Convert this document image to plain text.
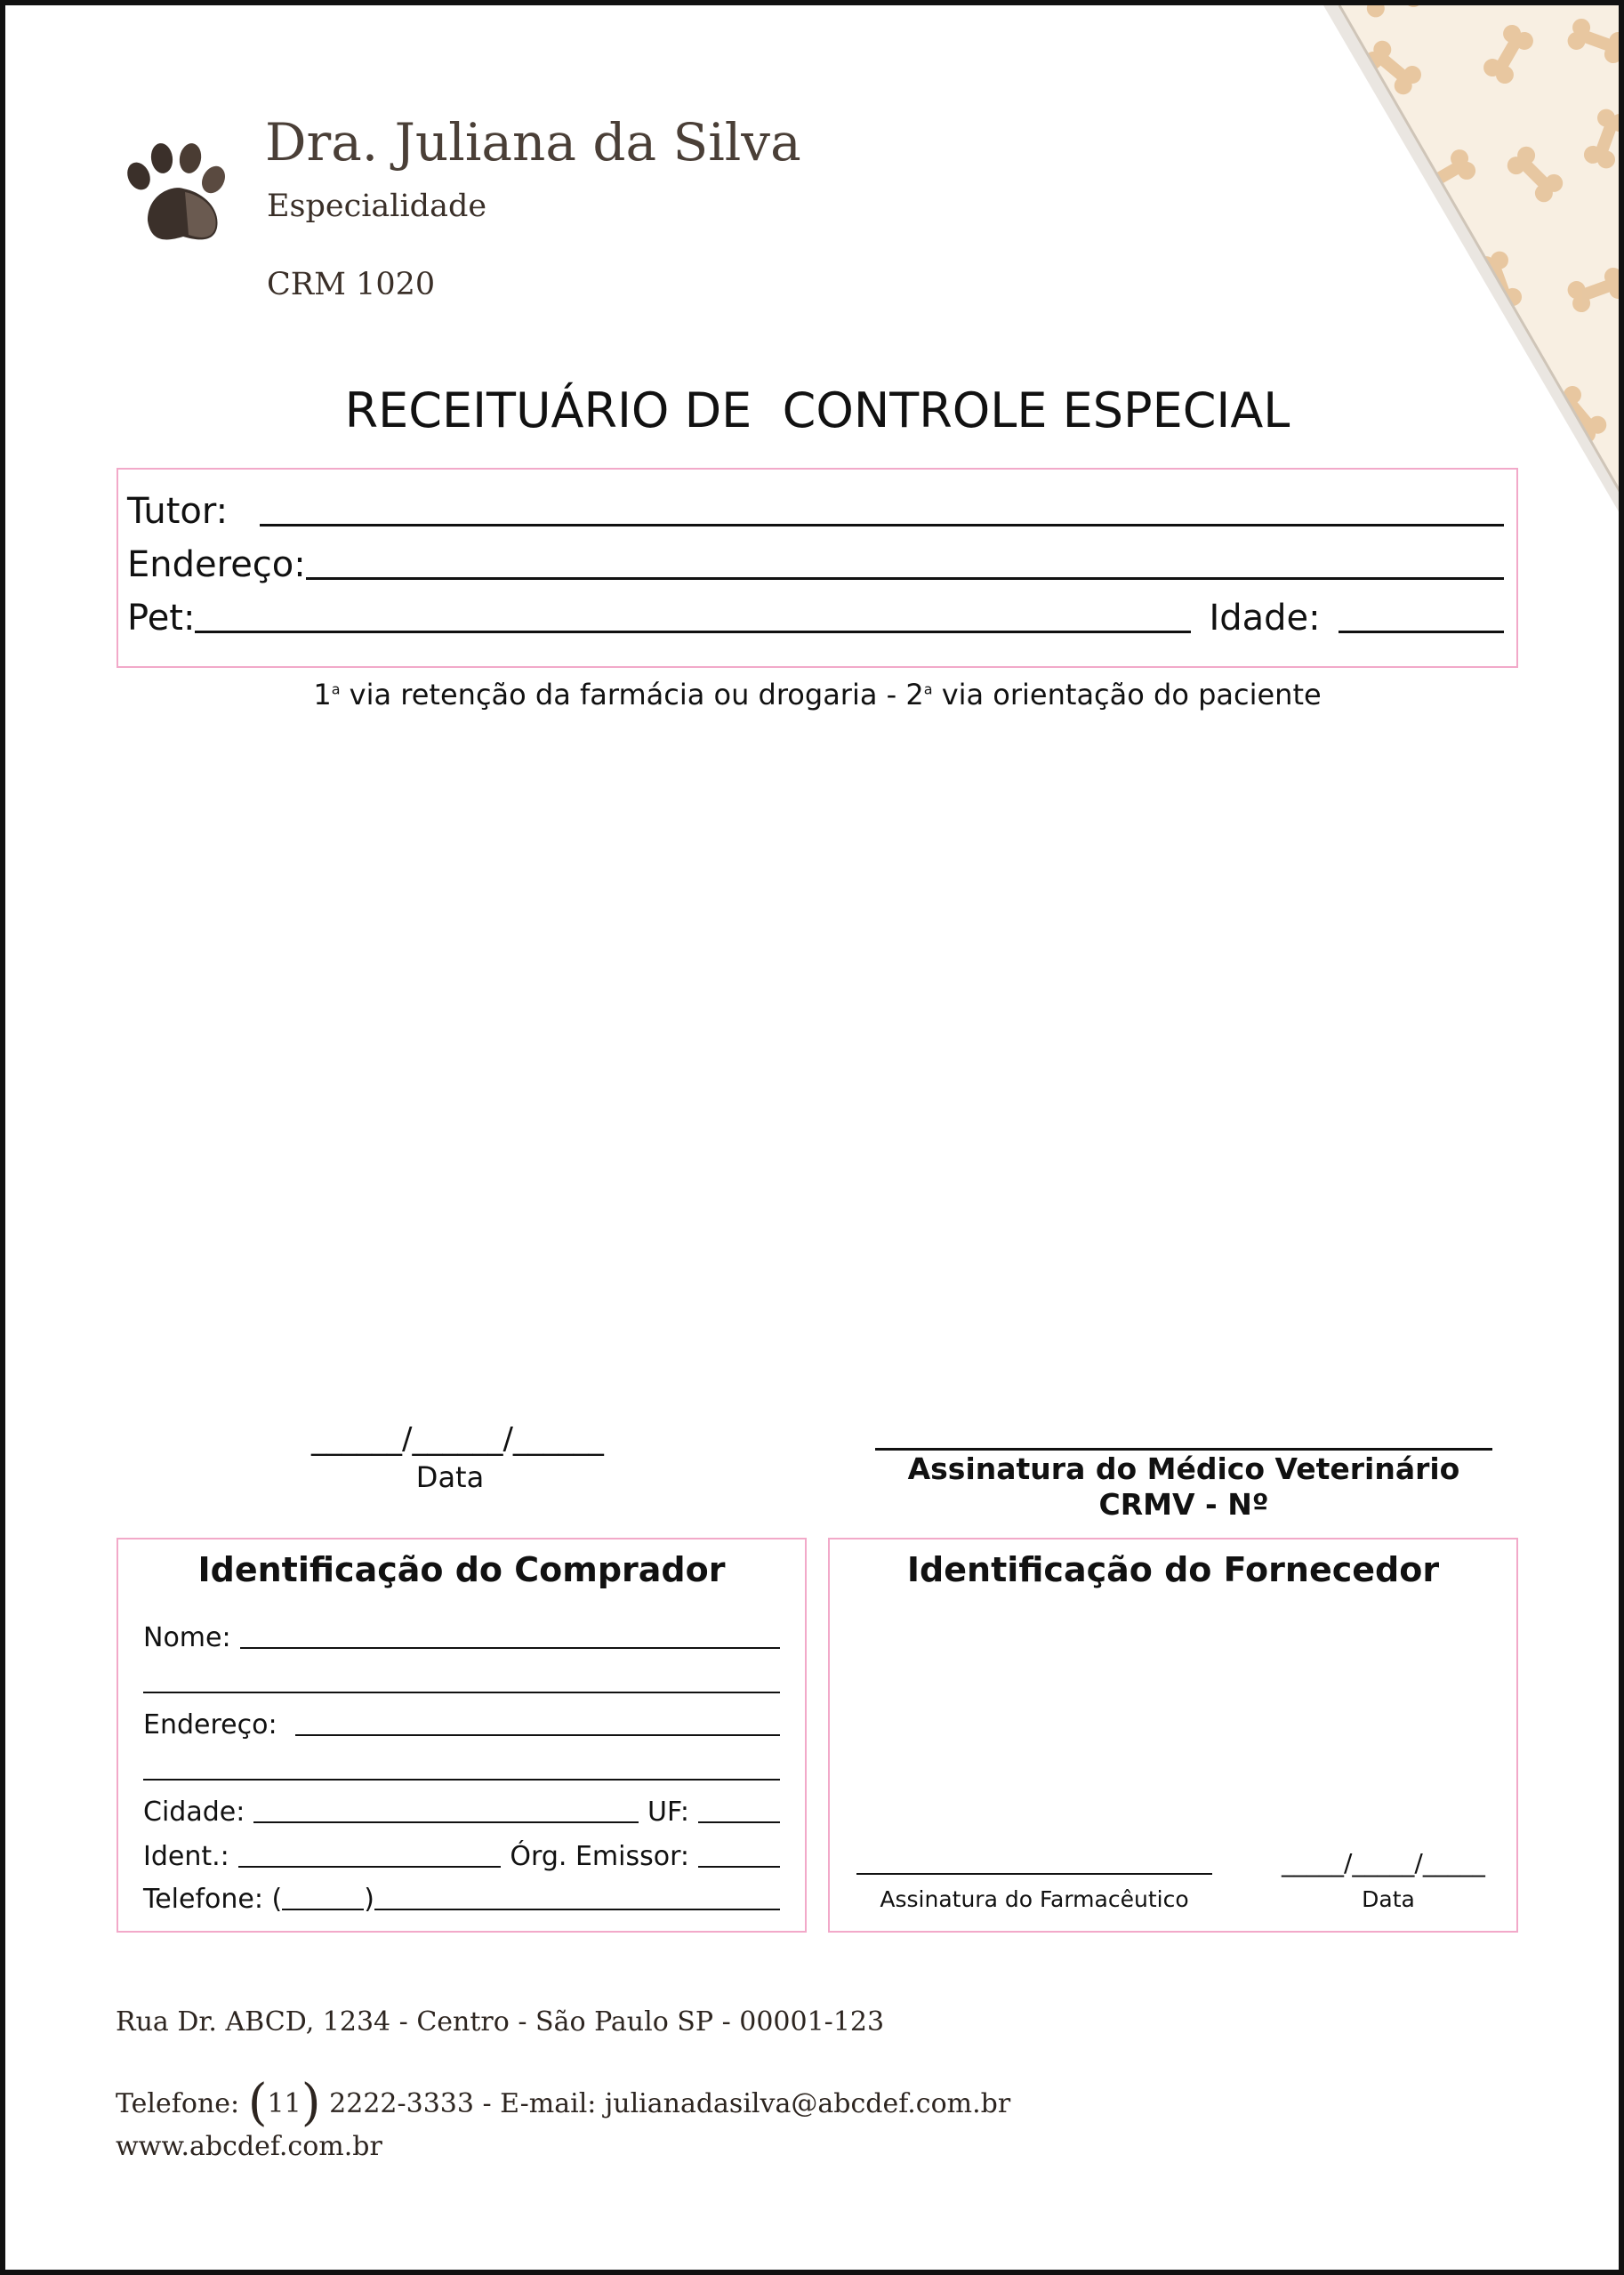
Dra. Juliana da Silva
Especialidade
CRM 1020
RECEITUÁRIO DE  CONTROLE ESPECIAL
Tutor:
Endereço:
Pet:	Idade:
1$^a$ via retenção da farmácia ou drogaria - 2$^a$ via orientação do paciente
______/______/______
Data	Assinatura do Médico Veterinário
CRMV - Nº
Identificação do Comprador
Nome:
Endereço:
Cidade:	UF:
Ident.:	Órg. Emissor:
Telefone: (	)
Identificação do Fornecedor
Assinatura do Farmacêutico
_____/_____/_____
Data
Rua Dr. ABCD, 1234 - Centro - São Paulo SP - 00001-123
Telefone: (11) 2222-3333 - E-mail: julianadasilva@abcdef.com.br
www.abcdef.com.br
